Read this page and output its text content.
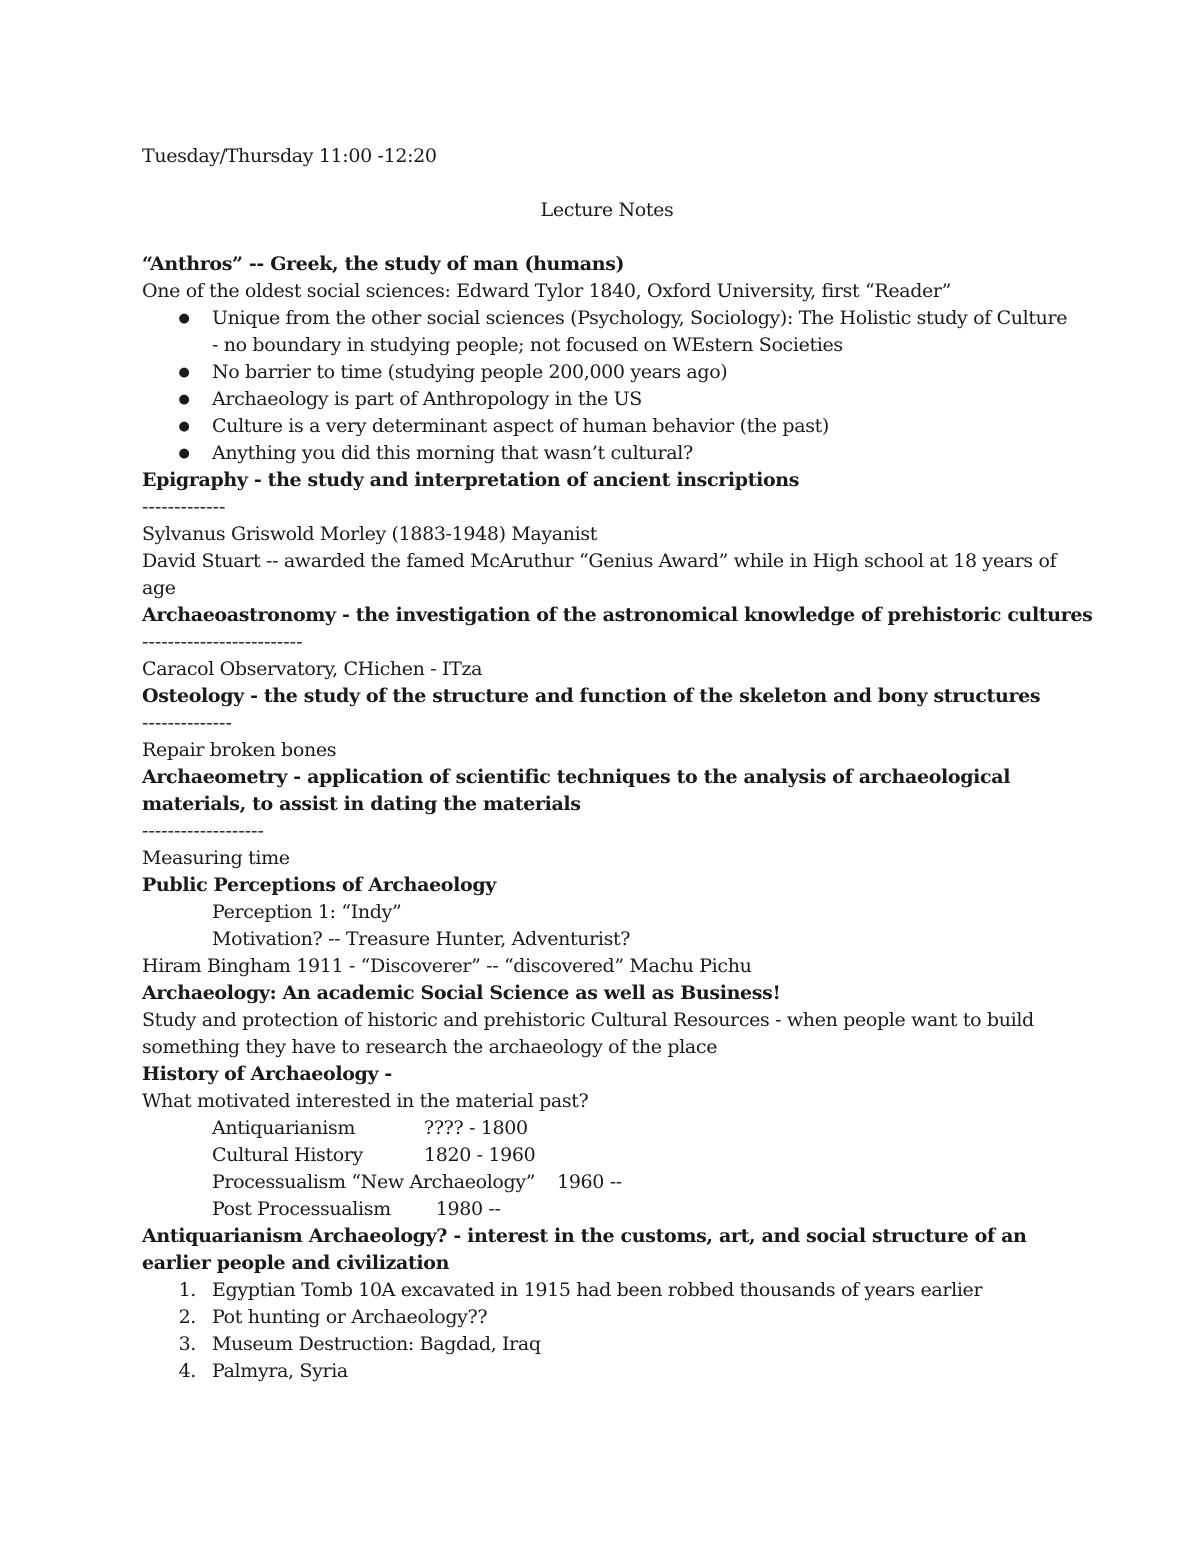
Tuesday/Thursday 11:00 -12:20
Lecture Notes
“Anthros” -- Greek, the study of man (humans)
One of the oldest social sciences: Edward Tylor 1840, Oxford University, first “Reader”
●	Unique from the other social sciences (Psychology, Sociology): The Holistic study of Culture - no boundary in studying people; not focused on WEstern Societies
●	No barrier to time (studying people 200,000 years ago)
●	Archaeology is part of Anthropology in the US
●	Culture is a very determinant aspect of human behavior (the past)
●	Anything you did this morning that wasn’t cultural?
Epigraphy - the study and interpretation of ancient inscriptions
-------------
Sylvanus Griswold Morley (1883-1948) Mayanist
David Stuart -- awarded the famed McAruthur “Genius Award” while in High school at 18 years of age
Archaeoastronomy - the investigation of the astronomical knowledge of prehistoric cultures
-------------------------
Caracol Observatory, CHichen - ITza
Osteology - the study of the structure and function of the skeleton and bony structures
--------------
Repair broken bones
Archaeometry - application of scientific techniques to the analysis of archaeological materials, to assist in dating the materials
-------------------
Measuring time
Public Perceptions of Archaeology
Perception 1: “Indy”
Motivation? -- Treasure Hunter, Adventurist?
Hiram Bingham 1911 - “Discoverer” -- “discovered” Machu Pichu
Archaeology: An academic Social Science as well as Business!
Study and protection of historic and prehistoric Cultural Resources - when people want to build something they have to research the archaeology of the place
History of Archaeology -
What motivated interested in the material past?
Antiquarianism	???? - 1800
Cultural History	1820 - 1960
Processualism “New Archaeology” 1960 --
Post Processualism 1980 --
Antiquarianism Archaeology? - interest in the customs, art, and social structure of an earlier people and civilization
1. Egyptian Tomb 10A excavated in 1915 had been robbed thousands of years earlier
2. Pot hunting or Archaeology??
3. Museum Destruction: Bagdad, Iraq
4. Palmyra, Syria
